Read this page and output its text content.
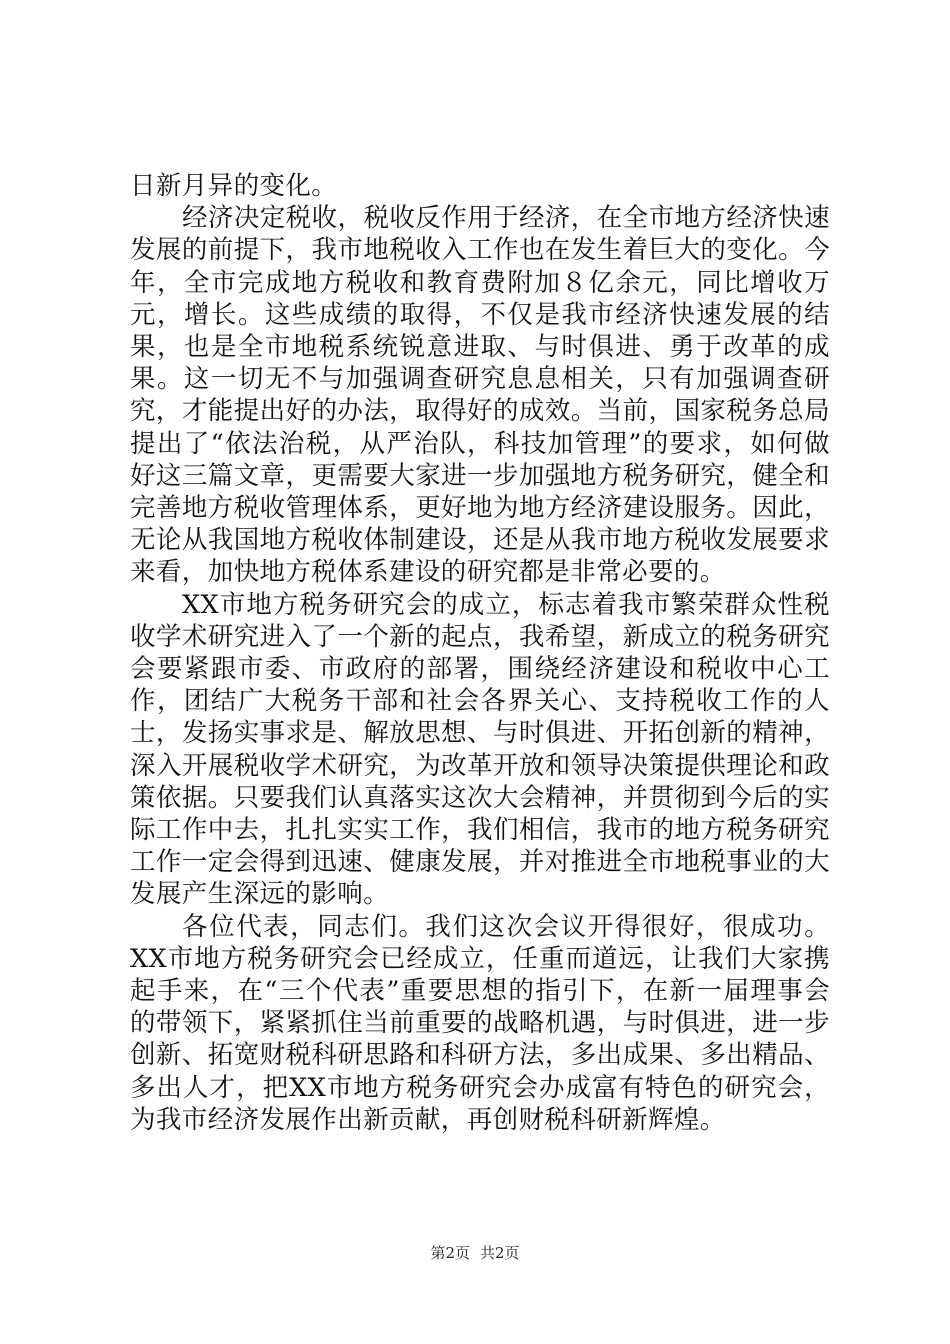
日新月异的变化。

经济决定税收，税收反作用于经济，在全市地方经济快速发展的前提下，我市地税收入工作也在发生着巨大的变化。今年，全市完成地方税收和教育费附加８亿余元，同比增收万元，增长。这些成绩的取得，不仅是我市经济快速发展的结果，也是全市地税系统锐意进取、与时俱进、勇于改革的成果。这一切无不与加强调查研究息息相关，只有加强调查研究，才能提出好的办法，取得好的成效。当前，国家税务总局提出了“依法治税，从严治队，科技加管理”的要求，如何做好这三篇文章，更需要大家进一步加强地方税务研究，健全和完善地方税收管理体系，更好地为地方经济建设服务。因此，无论从我国地方税收体制建设，还是从我市地方税收发展要求来看，加快地方税体系建设的研究都是非常必要的。

XX市地方税务研究会的成立，标志着我市繁荣群众性税收学术研究进入了一个新的起点，我希望，新成立的税务研究会要紧跟市委、市政府的部署，围绕经济建设和税收中心工作，团结广大税务干部和社会各界关心、支持税收工作的人士，发扬实事求是、解放思想、与时俱进、开拓创新的精神，深入开展税收学术研究，为改革开放和领导决策提供理论和政策依据。只要我们认真落实这次大会精神，并贯彻到今后的实际工作中去，扎扎实实工作，我们相信，我市的地方税务研究工作一定会得到迅速、健康发展，并对推进全市地税事业的大发展产生深远的影响。

各位代表，同志们。我们这次会议开得很好，很成功。XX市地方税务研究会已经成立，任重而道远，让我们大家携起手来，在“三个代表”重要思想的指引下，在新一届理事会的带领下，紧紧抓住当前重要的战略机遇，与时俱进，进一步创新、拓宽财税科研思路和科研方法，多出成果、多出精品、多出人才，把XX市地方税务研究会办成富有特色的研究会，为我市经济发展作出新贡献，再创财税科研新辉煌。

第2页 共2页
